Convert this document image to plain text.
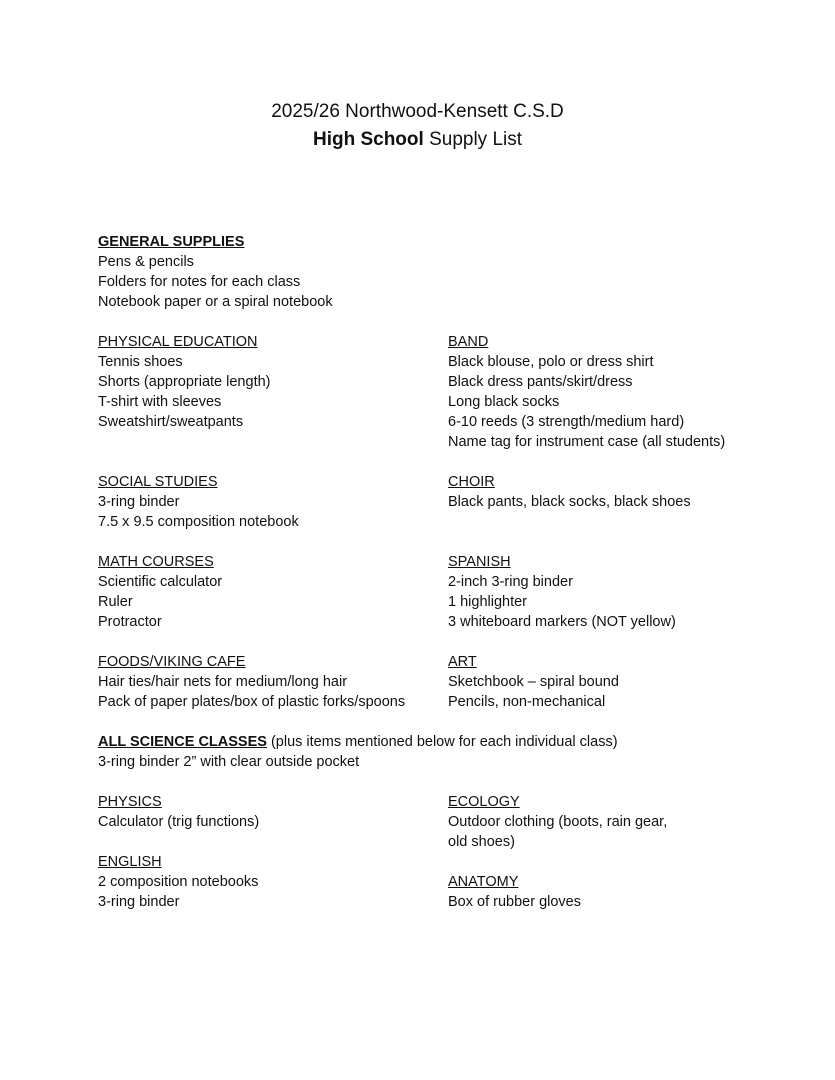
2025/26 Northwood-Kensett C.S.D
High School Supply List
GENERAL SUPPLIES
Pens & pencils
Folders for notes for each class
Notebook paper or a spiral notebook
PHYSICAL EDUCATION
Tennis shoes
Shorts (appropriate length)
T-shirt with sleeves
Sweatshirt/sweatpants
BAND
Black blouse, polo or dress shirt
Black dress pants/skirt/dress
Long black socks
6-10 reeds (3 strength/medium hard)
Name tag for instrument case (all students)
SOCIAL STUDIES
3-ring binder
7.5 x 9.5 composition notebook
CHOIR
Black pants, black socks, black shoes
MATH COURSES
Scientific calculator
Ruler
Protractor
SPANISH
2-inch 3-ring binder
1 highlighter
3 whiteboard markers (NOT yellow)
FOODS/VIKING CAFE
Hair ties/hair nets for medium/long hair
Pack of paper plates/box of plastic forks/spoons
ART
Sketchbook – spiral bound
Pencils, non-mechanical
ALL SCIENCE CLASSES (plus items mentioned below for each individual class)
3-ring binder 2” with clear outside pocket
PHYSICS
Calculator (trig functions)
ECOLOGY
Outdoor clothing (boots, rain gear,
old shoes)
ENGLISH
2 composition notebooks
3-ring binder
ANATOMY
Box of rubber gloves
